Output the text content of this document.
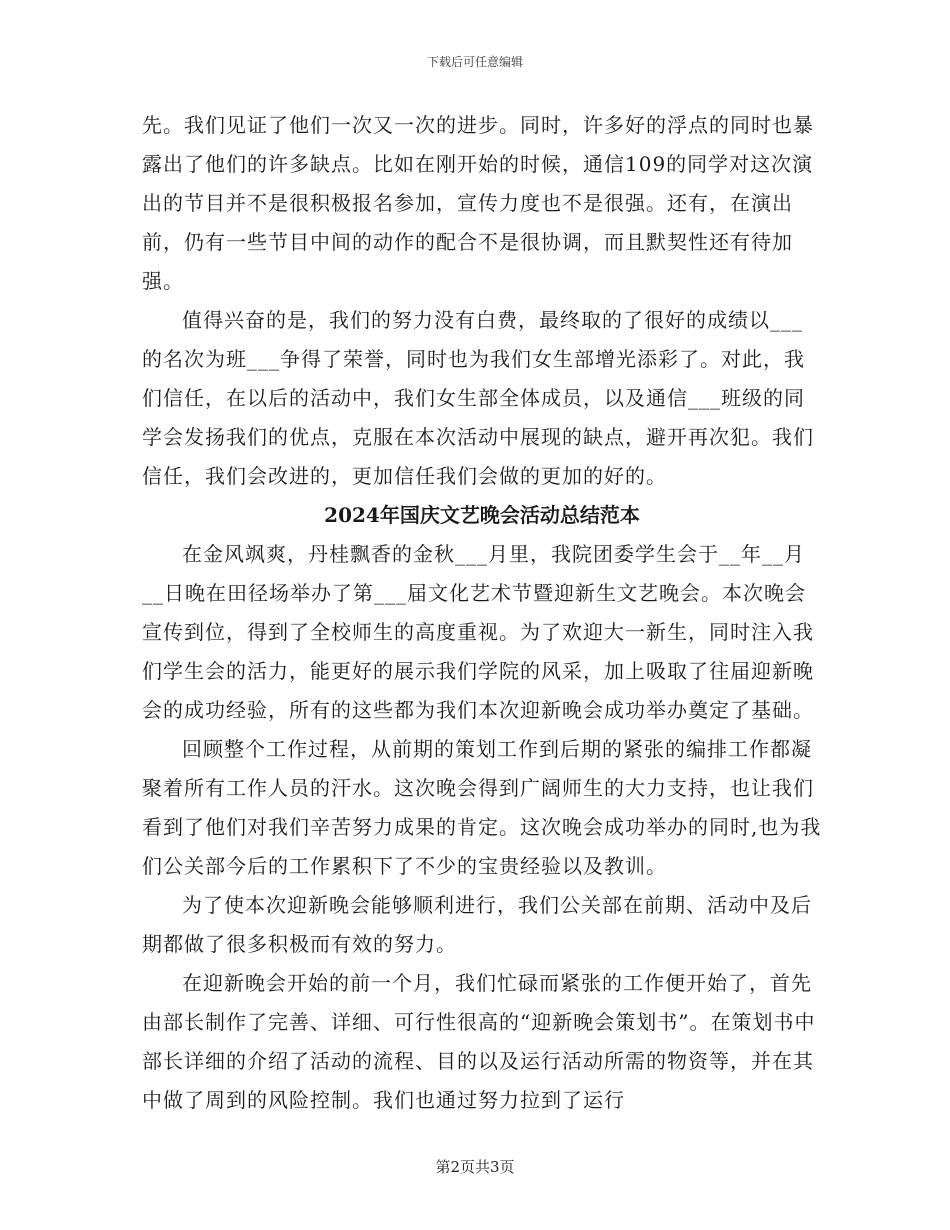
下载后可任意编辑

先。我们见证了他们一次又一次的进步。同时，许多好的浮点的同时也暴露出了他们的许多缺点。比如在刚开始的时候，通信109的同学对这次演出的节目并不是很积极报名参加，宣传力度也不是很强。还有，在演出前，仍有一些节目中间的动作的配合不是很协调，而且默契性还有待加强。

值得兴奋的是，我们的努力没有白费，最终取的了很好的成绩以___的名次为班___争得了荣誉，同时也为我们女生部增光添彩了。对此，我们信任，在以后的活动中，我们女生部全体成员，以及通信___班级的同学会发扬我们的优点，克服在本次活动中展现的缺点，避开再次犯。我们信任，我们会改进的，更加信任我们会做的更加的好的。

2024年国庆文艺晚会活动总结范本

在金风飒爽，丹桂飘香的金秋___月里，我院团委学生会于__年__月__日晚在田径场举办了第___届文化艺术节暨迎新生文艺晚会。本次晚会宣传到位，得到了全校师生的高度重视。为了欢迎大一新生，同时注入我们学生会的活力，能更好的展示我们学院的风采，加上吸取了往届迎新晚会的成功经验，所有的这些都为我们本次迎新晚会成功举办奠定了基础。

回顾整个工作过程，从前期的策划工作到后期的紧张的编排工作都凝聚着所有工作人员的汗水。这次晚会得到广阔师生的大力支持，也让我们看到了他们对我们辛苦努力成果的肯定。这次晚会成功举办的同时,也为我们公关部今后的工作累积下了不少的宝贵经验以及教训。

为了使本次迎新晚会能够顺利进行，我们公关部在前期、活动中及后期都做了很多积极而有效的努力。

在迎新晚会开始的前一个月，我们忙碌而紧张的工作便开始了，首先由部长制作了完善、详细、可行性很高的“迎新晚会策划书”。在策划书中部长详细的介绍了活动的流程、目的以及运行活动所需的物资等，并在其中做了周到的风险控制。我们也通过努力拉到了运行

第2页共3页
